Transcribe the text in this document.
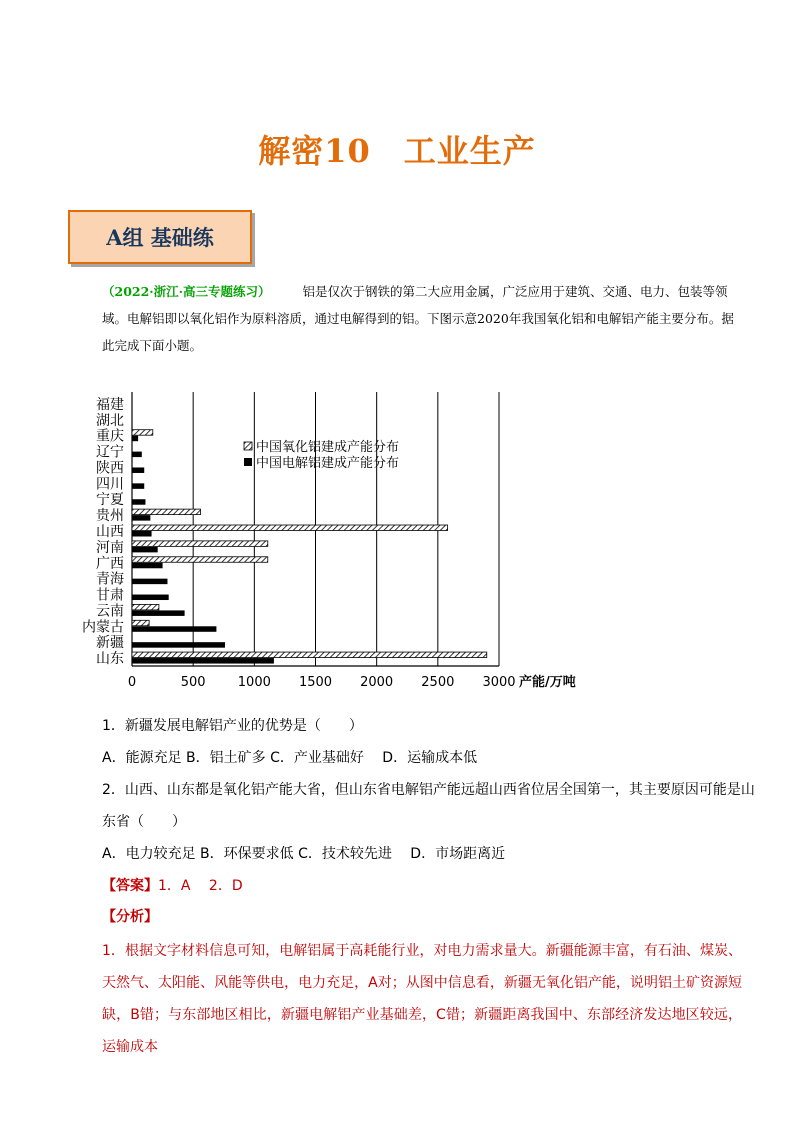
解密10　工业生产
A组 基础练

（2022·浙江·高三专题练习）	铝是仅次于钢铁的第二大应用金属，广泛应用于建筑、交通、电力、包装等领域。电解铝即以氧化铝作为原料溶质，通过电解得到的铝。下图示意2020年我国氧化铝和电解铝产能主要分布。据此完成下面小题。

0	500 1000 1500 2000 2500 3000 产能/万吨
福建
湖北
重庆
辽宁
陕西
四川
宁夏
贵州
山西
河南
广西
青海
甘肃
云南
内蒙古
新疆
山东
中国氧化铝建成产能分布
中国电解铝建成产能分布

1．新疆发展电解铝产业的优势是（　　）

A．能源充足 B．铝土矿多 C．产业基础好　 D．运输成本低

2．山西、山东都是氧化铝产能大省，但山东省电解铝产能远超山西省位居全国第一，其主要原因可能是山

东省（　　）

A．电力较充足 B．环保要求低 C．技术较先进　 D．市场距离近

【答案】1．A　 2．D
【分析】

1．根据文字材料信息可知，电解铝属于高耗能行业，对电力需求量大。新疆能源丰富，有石油、煤炭、天然气、太阳能、风能等供电，电力充足，A对；从图中信息看，新疆无氧化铝产能，说明铝土矿资源短缺，B错；与东部地区相比，新疆电解铝产业基础差，C错；新疆距离我国中、东部经济发达地区较远，运输成本
